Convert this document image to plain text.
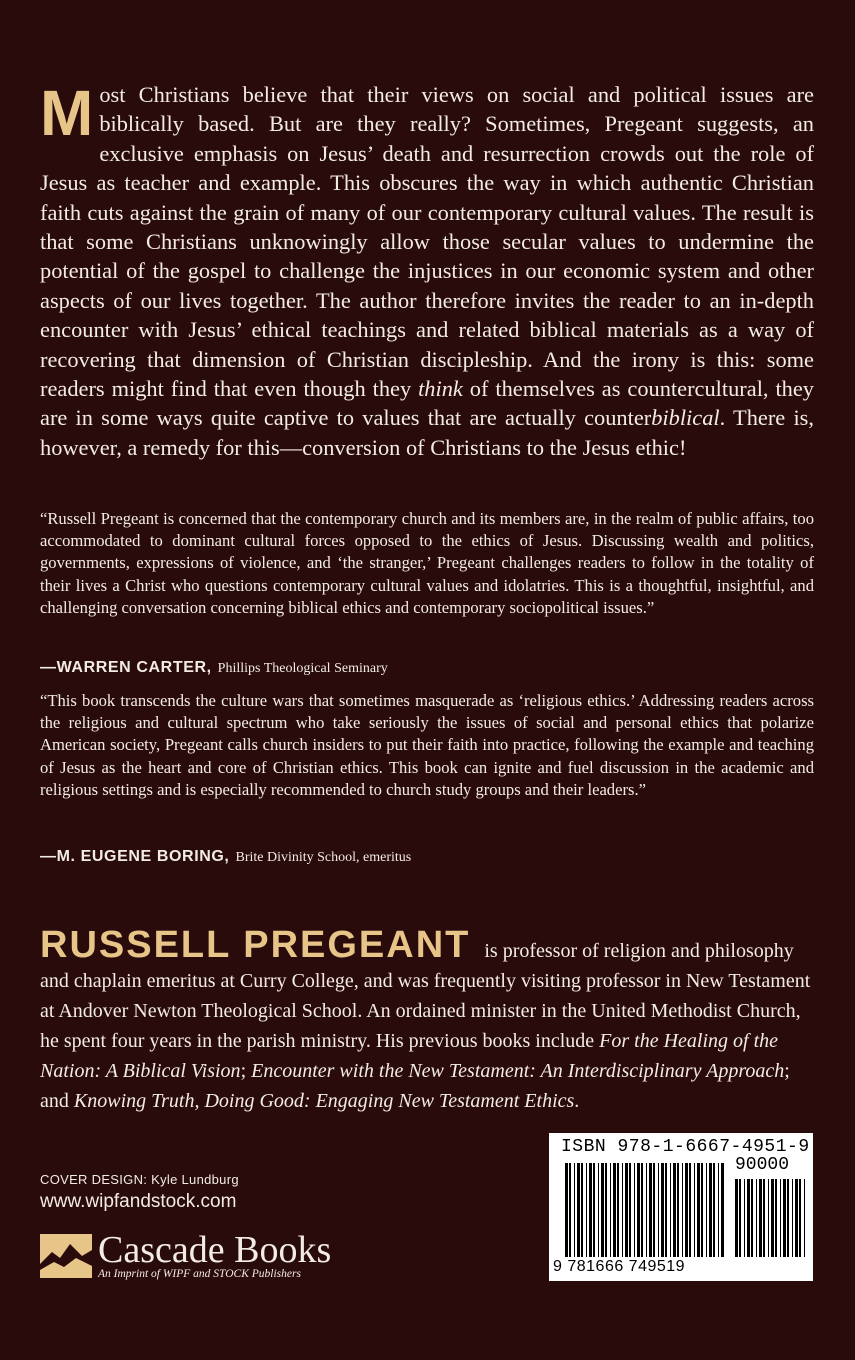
Most Christians believe that their views on social and political issues are biblically based. But are they really? Sometimes, Pregeant suggests, an exclusive emphasis on Jesus’ death and resurrection crowds out the role of Jesus as teacher and example. This obscures the way in which authentic Christian faith cuts against the grain of many of our contemporary cultural values. The result is that some Christians unknowingly allow those secular values to undermine the potential of the gospel to challenge the injustices in our economic system and other aspects of our lives together. The author therefore invites the reader to an in-depth encounter with Jesus’ ethical teachings and related biblical materials as a way of recovering that dimension of Christian discipleship. And the irony is this: some readers might find that even though they think of themselves as countercultural, they are in some ways quite captive to values that are actually counterbiblical. There is, however, a remedy for this—conversion of Christians to the Jesus ethic!

“Russell Pregeant is concerned that the contemporary church and its members are, in the realm of public affairs, too accommodated to dominant cultural forces opposed to the ethics of Jesus. Discussing wealth and politics, governments, expressions of violence, and ‘the stranger,’ Pregeant challenges readers to follow in the totality of their lives a Christ who questions contemporary cultural values and idolatries. This is a thoughtful, insightful, and challenging conversation concerning biblical ethics and contemporary sociopolitical issues.”

—WARREN CARTER, Phillips Theological Seminary

“This book transcends the culture wars that sometimes masquerade as ‘religious ethics.’ Addressing readers across the religious and cultural spectrum who take seriously the issues of social and personal ethics that polarize American society, Pregeant calls church insiders to put their faith into practice, following the example and teaching of Jesus as the heart and core of Christian ethics. This book can ignite and fuel discussion in the academic and religious settings and is especially recommended to church study groups and their leaders.”

—M. EUGENE BORING, Brite Divinity School, emeritus

RUSSELL PREGEANT is professor of religion and philosophy and chaplain emeritus at Curry College, and was frequently visiting professor in New Testament at Andover Newton Theological School. An ordained minister in the United Methodist Church, he spent four years in the parish ministry. His previous books include For the Healing of the Nation: A Biblical Vision; Encounter with the New Testament: An Interdisciplinary Approach; and Knowing Truth, Doing Good: Engaging New Testament Ethics.

COVER DESIGN: Kyle Lundburg
www.wipfandstock.com
Cascade Books
An Imprint of WIPF and STOCK Publishers
ISBN 978-1-6667-4951-9
90000
9 781666 749519
